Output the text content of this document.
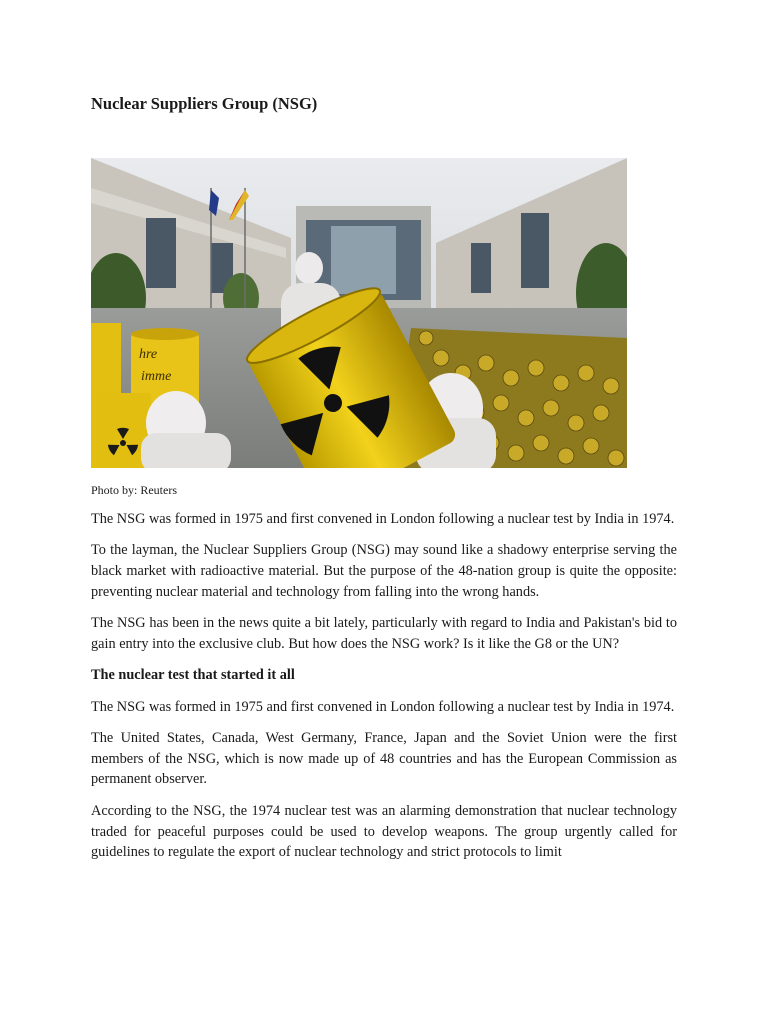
Nuclear Suppliers Group (NSG)
hre
imme

Photo by: Reuters

The NSG was formed in 1975 and first convened in London following a nuclear test by India in 1974.

To the layman, the Nuclear Suppliers Group (NSG) may sound like a shadowy enterprise serving the black market with radioactive material. But the purpose of the 48-nation group is quite the opposite: preventing nuclear material and technology from falling into the wrong hands.

The NSG has been in the news quite a bit lately, particularly with regard to India and Pakistan's bid to gain entry into the exclusive club. But how does the NSG work? Is it like the G8 or the UN?

The nuclear test that started it all

The NSG was formed in 1975 and first convened in London following a nuclear test by India in 1974.

The United States, Canada, West Germany, France, Japan and the Soviet Union were the first members of the NSG, which is now made up of 48 countries and has the European Commission as permanent observer.

According to the NSG, the 1974 nuclear test was an alarming demonstration that nuclear technology traded for peaceful purposes could be used to develop weapons. The group urgently called for guidelines to regulate the export of nuclear technology and strict protocols to limit
